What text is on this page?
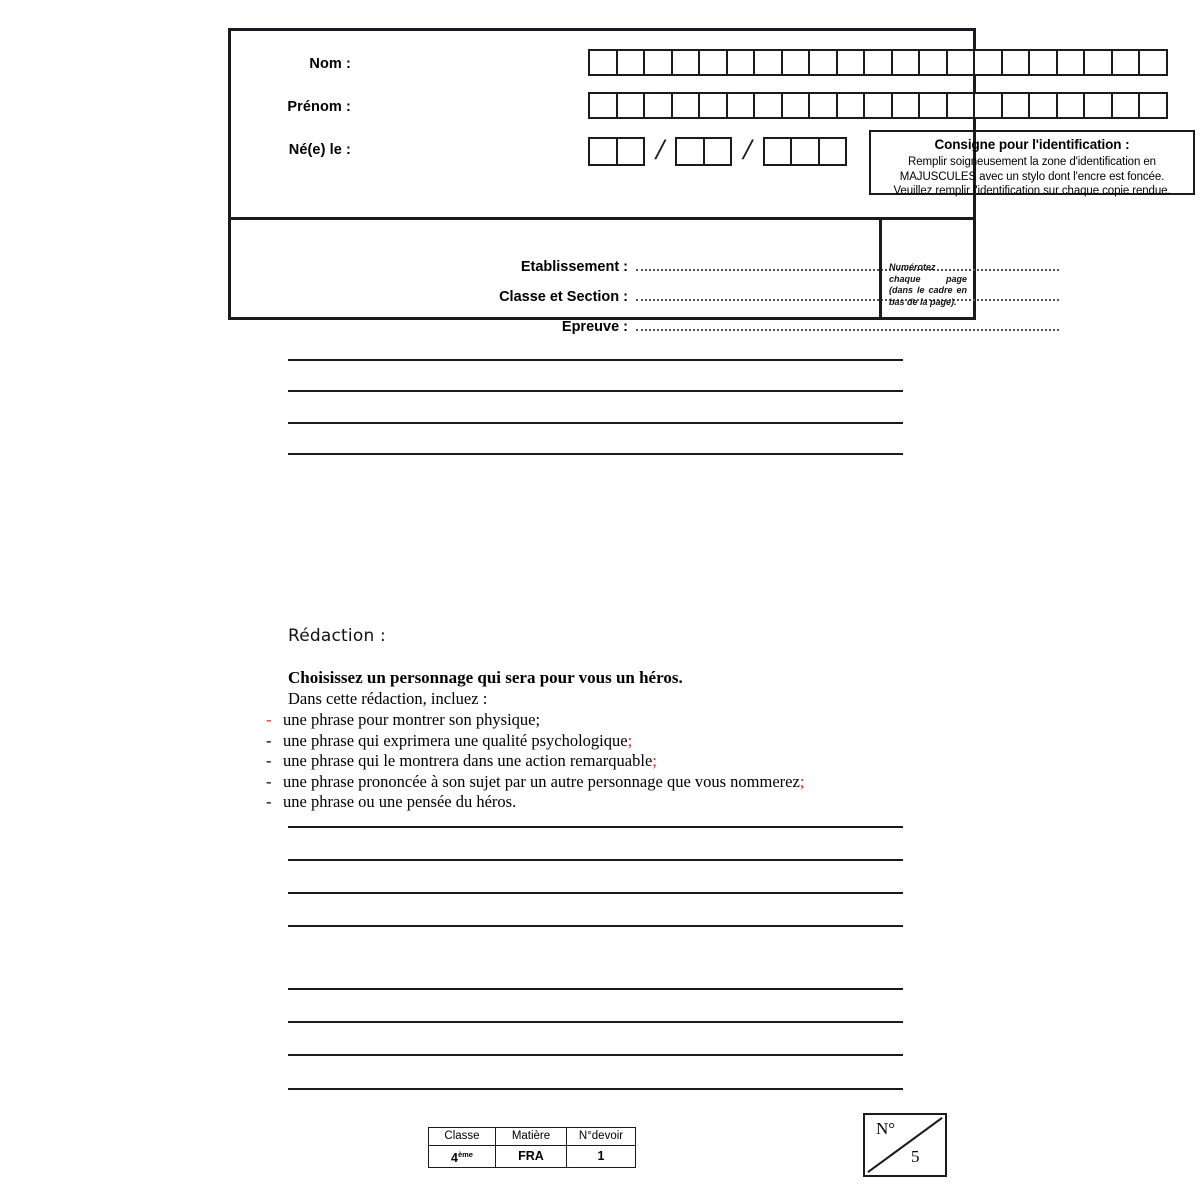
Nom :
Prénom :
Né(e) le :	/	/	Consigne pour l'identification :
Remplir soigneusement la zone d'identification en
MAJUSCULES avec un stylo dont l'encre est foncée.
Veuillez remplir l'identification sur chaque copie rendue.
Etablissement :
Classe et Section :
Epreuve :
Numérotez chaque page (dans le cadre en bas de la page).
Rédaction :
Choisissez un personnage qui sera pour vous un héros.
Dans cette rédaction, incluez :
- une phrase pour montrer son physique ;
- une phrase qui exprimera une qualité psychologique ;
- une phrase qui le montrera dans une action remarquable ;
- une phrase prononcée à son sujet par un autre personnage que vous nommerez ;
- une phrase ou une pensée du héros.
Classe	Matière	N°devoir
4ème	FRA	1
N°
5
